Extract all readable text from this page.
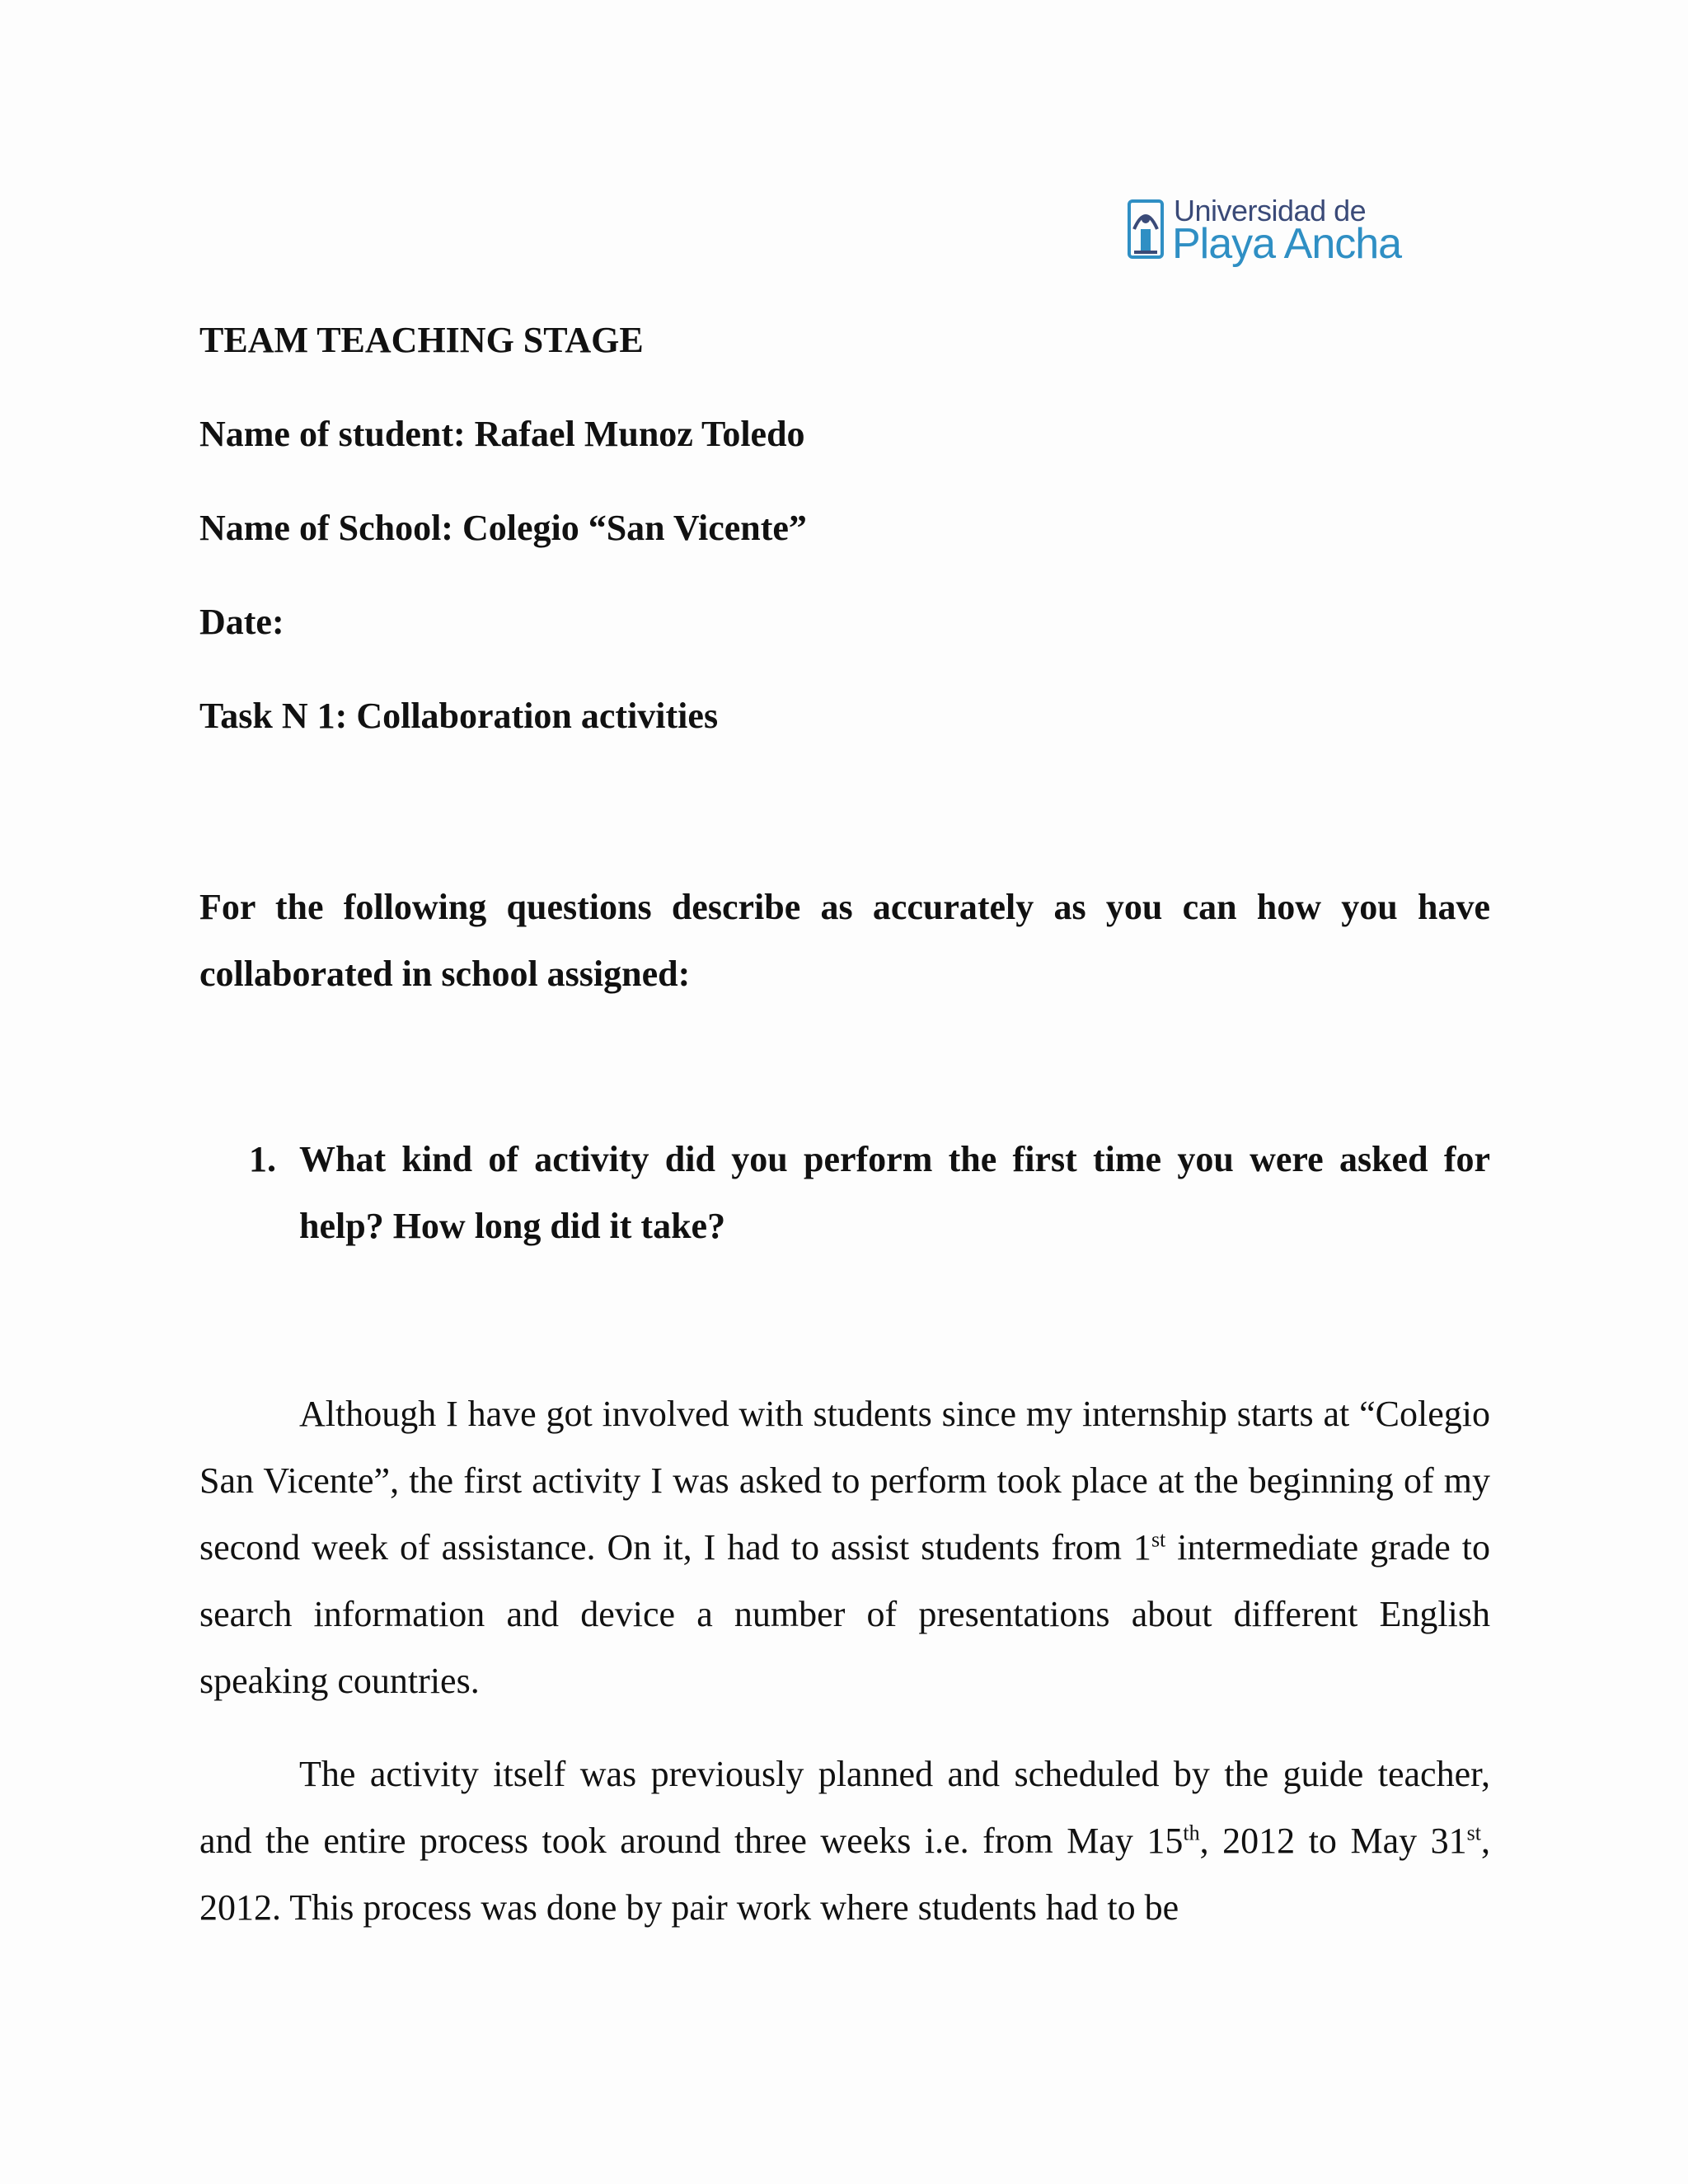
Universidad de
Playa Ancha
TEAM TEACHING STAGE
Name of student: Rafael Munoz Toledo
Name of School: Colegio “San Vicente”
Date:
Task N 1: Collaboration activities
For the following questions describe as accurately as you can how you have collaborated in school assigned:
1. What kind of activity did you perform the first time you were asked for help? How long did it take?
Although I have got involved with students since my internship starts at “Colegio San Vicente”, the first activity I was asked to perform took place at the beginning of my second week of assistance. On it, I had to assist students from 1st intermediate grade to search information and device a number of presentations about different English speaking countries.
The activity itself was previously planned and scheduled by the guide teacher, and the entire process took around three weeks i.e. from May 15th, 2012 to May 31st, 2012. This process was done by pair work where students had to be
